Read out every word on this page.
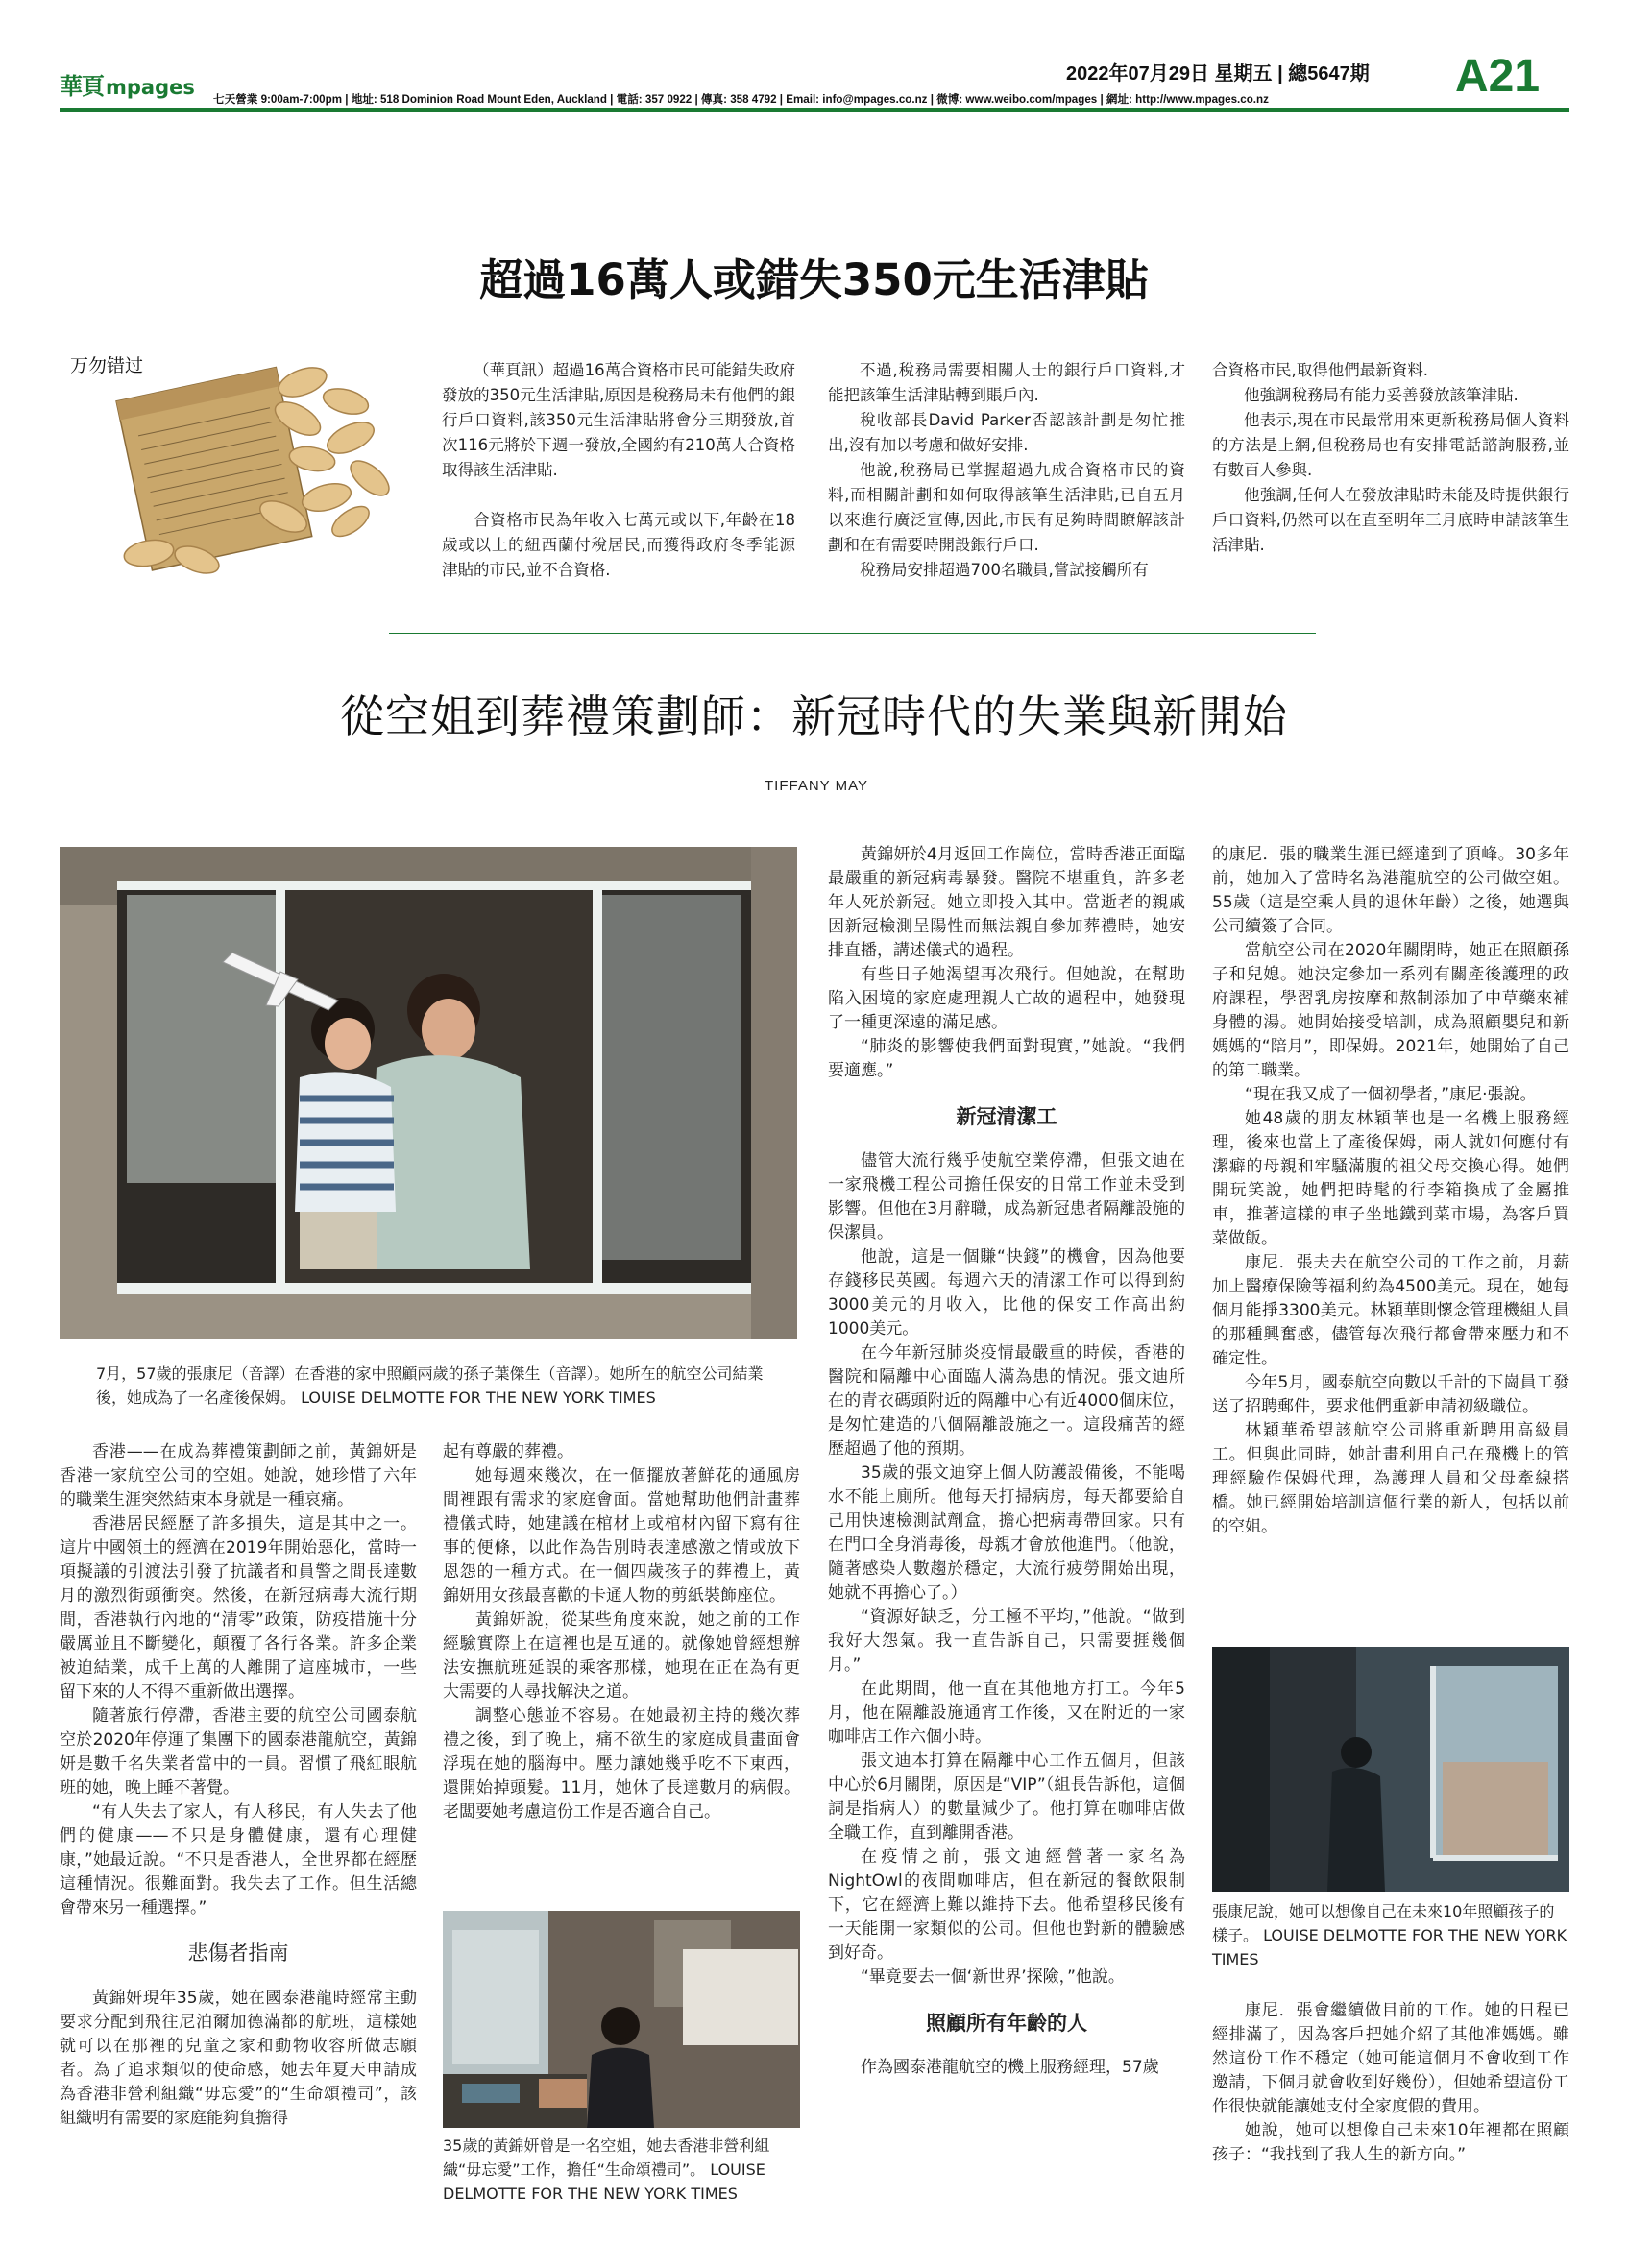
華頁 mpages
2022年07月29日 星期五 | 總5647期	A21
七天營業 9:00am-7:00pm | 地址: 518 Dominion Road Mount Eden, Auckland | 電話: 357 0922 | 傳真: 358 4792 | Email: info@mpages.co.nz | 微博: www.weibo.com/mpages | 網址: http://www.mpages.co.nz
超過16萬人或錯失350元生活津貼
万勿错过	（華頁訊）超過16萬合資格市民可能錯失政府發放的350元生活津貼,原因是稅務局未有他們的銀行戶口資料,該350元生活津貼將會分三期發放,首次116元將於下週一發放,全國約有210萬人合資格取得該生活津貼.

合資格市民為年收入七萬元或以下,年齡在18歲或以上的紐西蘭付稅居民,而獲得政府冬季能源津貼的市民,並不合資格.

不過,稅務局需要相關人士的銀行戶口資料,才能把該筆生活津貼轉到賬戶內.

稅收部長David Parker否認該計劃是匆忙推出,沒有加以考慮和做好安排.

他說,稅務局已掌握超過九成合資格市民的資料,而相關計劃和如何取得該筆生活津貼,已自五月以來進行廣泛宣傳,因此,市民有足夠時間瞭解該計劃和在有需要時開設銀行戶口.

稅務局安排超過700名職員,嘗試接觸所有

合資格市民,取得他們最新資料.

他強調稅務局有能力妥善發放該筆津貼.

他表示,現在市民最常用來更新稅務局個人資料的方法是上網,但稅務局也有安排電話諮詢服務,並有數百人參與.

他強調,任何人在發放津貼時未能及時提供銀行戶口資料,仍然可以在直至明年三月底時申請該筆生活津貼.

從空姐到葬禮策劃師：新冠時代的失業與新開始
TIFFANY MAY
7月，57歲的張康尼（音譯）在香港的家中照顧兩歲的孫子葉傑生（音譯）。她所在的航空公司結業後，她成為了一名產後保姆。 LOUISE DELMOTTE FOR THE NEW YORK TIMES

香港——在成為葬禮策劃師之前，黃錦妍是香港一家航空公司的空姐。她說，她珍惜了六年的職業生涯突然結束本身就是一種哀痛。

香港居民經歷了許多損失，這是其中之一。這片中國領土的經濟在2019年開始惡化，當時一項擬議的引渡法引發了抗議者和員警之間長達數月的激烈街頭衝突。然後，在新冠病毒大流行期間，香港執行內地的“清零”政策，防疫措施十分嚴厲並且不斷變化，顛覆了各行各業。許多企業被迫結業，成千上萬的人離開了這座城市，一些留下來的人不得不重新做出選擇。

隨著旅行停滯，香港主要的航空公司國泰航空於2020年停運了集團下的國泰港龍航空，黃錦妍是數千名失業者當中的一員。習慣了飛紅眼航班的她，晚上睡不著覺。

“有人失去了家人，有人移民，有人失去了他們的健康——不只是身體健康，還有心理健康，”她最近說。“不只是香港人，全世界都在經歷這種情況。很難面對。我失去了工作。但生活總會帶來另一種選擇。”

悲傷者指南

黃錦妍現年35歲，她在國泰港龍時經常主動要求分配到飛往尼泊爾加德滿都的航班，這樣她就可以在那裡的兒童之家和動物收容所做志願者。為了追求類似的使命感，她去年夏天申請成為香港非營利組織“毋忘愛”的“生命頌禮司”，該組織明有需要的家庭能夠負擔得

起有尊嚴的葬禮。

她每週來幾次，在一個擺放著鮮花的通風房間裡跟有需求的家庭會面。當她幫助他們計畫葬禮儀式時，她建議在棺材上或棺材內留下寫有往事的便條，以此作為告別時表達感激之情或放下恩怨的一種方式。在一個四歲孩子的葬禮上，黃錦妍用女孩最喜歡的卡通人物的剪紙裝飾座位。

黃錦妍說，從某些角度來說，她之前的工作經驗實際上在這裡也是互通的。就像她曾經想辦法安撫航班延誤的乘客那樣，她現在正在為有更大需要的人尋找解決之道。

調整心態並不容易。在她最初主持的幾次葬禮之後，到了晚上，痛不欲生的家庭成員畫面會浮現在她的腦海中。壓力讓她幾乎吃不下東西，還開始掉頭髮。11月，她休了長達數月的病假。老闆要她考慮這份工作是否適合自己。

35歲的黃錦妍曾是一名空姐，她去香港非營利組織“毋忘愛”工作，擔任“生命頌禮司”。 LOUISE DELMOTTE FOR THE NEW YORK TIMES

黃錦妍於4月返回工作崗位，當時香港正面臨最嚴重的新冠病毒暴發。醫院不堪重負，許多老年人死於新冠。她立即投入其中。當逝者的親戚因新冠檢測呈陽性而無法親自參加葬禮時，她安排直播，講述儀式的過程。

有些日子她渴望再次飛行。但她說，在幫助陷入困境的家庭處理親人亡故的過程中，她發現了一種更深遠的滿足感。

“肺炎的影響使我們面對現實，”她說。“我們要適應。”

新冠清潔工

儘管大流行幾乎使航空業停滯，但張文迪在一家飛機工程公司擔任保安的日常工作並未受到影響。但他在3月辭職，成為新冠患者隔離設施的保潔員。

他說，這是一個賺“快錢”的機會，因為他要存錢移民英國。每週六天的清潔工作可以得到約3000美元的月收入，比他的保安工作高出約1000美元。

在今年新冠肺炎疫情最嚴重的時候，香港的醫院和隔離中心面臨人滿為患的情況。張文迪所在的青衣碼頭附近的隔離中心有近4000個床位，是匆忙建造的八個隔離設施之一。這段痛苦的經歷超過了他的預期。

35歲的張文迪穿上個人防護設備後，不能喝水不能上廁所。他每天打掃病房，每天都要給自己用快速檢測試劑盒，擔心把病毒帶回家。只有在門口全身消毒後，母親才會放他進門。（他說，隨著感染人數趨於穩定，大流行疲勞開始出現，她就不再擔心了。）

“資源好缺乏，分工極不平均，”他說。“做到我好大怨氣。我一直告訴自己，只需要捱幾個月。”

在此期間，他一直在其他地方打工。今年5月，他在隔離設施通宵工作後，又在附近的一家咖啡店工作六個小時。

張文迪本打算在隔離中心工作五個月，但該中心於6月關閉，原因是“VIP”（組長告訴他，這個詞是指病人）的數量減少了。他打算在咖啡店做全職工作，直到離開香港。

在疫情之前，張文迪經營著一家名為NightOwl的夜間咖啡店，但在新冠的餐飲限制下，它在經濟上難以維持下去。他希望移民後有一天能開一家類似的公司。但他也對新的體驗感到好奇。

“畢竟要去一個‘新世界’探險，”他說。

照顧所有年齡的人

作為國泰港龍航空的機上服務經理，57歲

的康尼．張的職業生涯已經達到了頂峰。30多年前，她加入了當時名為港龍航空的公司做空姐。55歲（這是空乘人員的退休年齡）之後，她選與公司續簽了合同。

當航空公司在2020年關閉時，她正在照顧孫子和兒媳。她決定參加一系列有關產後護理的政府課程，學習乳房按摩和熬制添加了中草藥來補身體的湯。她開始接受培訓，成為照顧嬰兒和新媽媽的“陪月”，即保姆。2021年，她開始了自己的第二職業。

“現在我又成了一個初學者，”康尼·張說。

她48歲的朋友林穎華也是一名機上服務經理，後來也當上了產後保姆，兩人就如何應付有潔癖的母親和牢騷滿腹的祖父母交換心得。她們開玩笑說，她們把時髦的行李箱換成了金屬推車，推著這樣的車子坐地鐵到菜市場，為客戶買菜做飯。

康尼．張夫去在航空公司的工作之前，月薪加上醫療保險等福利約為4500美元。現在，她每個月能掙3300美元。林穎華則懷念管理機組人員的那種興奮感，儘管每次飛行都會帶來壓力和不確定性。

今年5月，國泰航空向數以千計的下崗員工發送了招聘郵件，要求他們重新申請初級職位。

林穎華希望該航空公司將重新聘用高級員工。但與此同時，她計畫利用自己在飛機上的管理經驗作保姆代理，為護理人員和父母牽線搭橋。她已經開始培訓這個行業的新人，包括以前的空姐。

張康尼說，她可以想像自己在未來10年照顧孩子的樣子。 LOUISE DELMOTTE FOR THE NEW YORK TIMES

康尼．張會繼續做目前的工作。她的日程已經排滿了，因為客戶把她介紹了其他准媽媽。雖然這份工作不穩定（她可能這個月不會收到工作邀請，下個月就會收到好幾份），但她希望這份工作很快就能讓她支付全家度假的費用。

她說，她可以想像自己未來10年裡都在照顧孩子：“我找到了我人生的新方向。”
